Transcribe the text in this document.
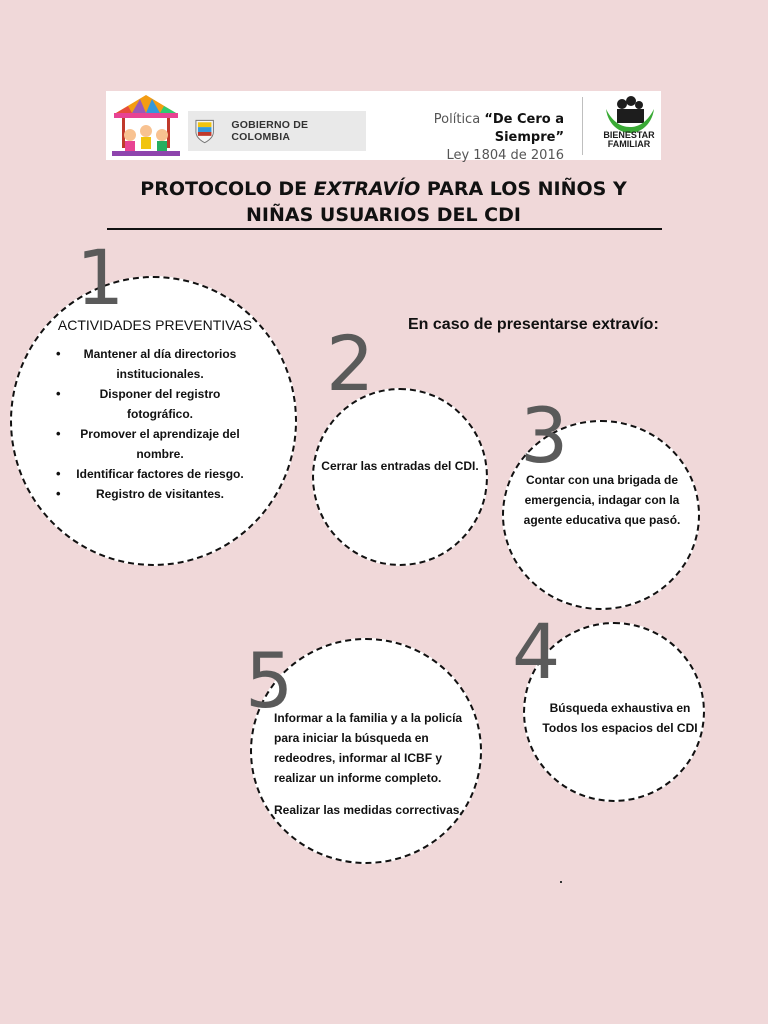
GOBIERNO DE COLOMBIA
Política “De Cero a Siempre”
Ley 1804 de 2016
BIENESTAR
FAMILIAR
PROTOCOLO DE EXTRAVÍO PARA LOS NIÑOS Y NIÑAS USUARIOS DEL CDI
1
ACTIVIDADES PREVENTIVAS
• Mantener al día directorios institucionales.
• Disponer del registro fotográfico.
• Promover el aprendizaje del nombre.
• Identificar factores de riesgo.
• Registro de visitantes.
En caso de presentarse extravío:
2
Cerrar las entradas del CDI. 3
Contar con una brigada de emergencia, indagar con la agente educativa que pasó.
4
Búsqueda exhaustiva en Todos los espacios del CDI
5
Informar a la familia y a la policía para iniciar la búsqueda en redeodres, informar al ICBF y realizar un informe completo.
Realizar las medidas correctivas.
